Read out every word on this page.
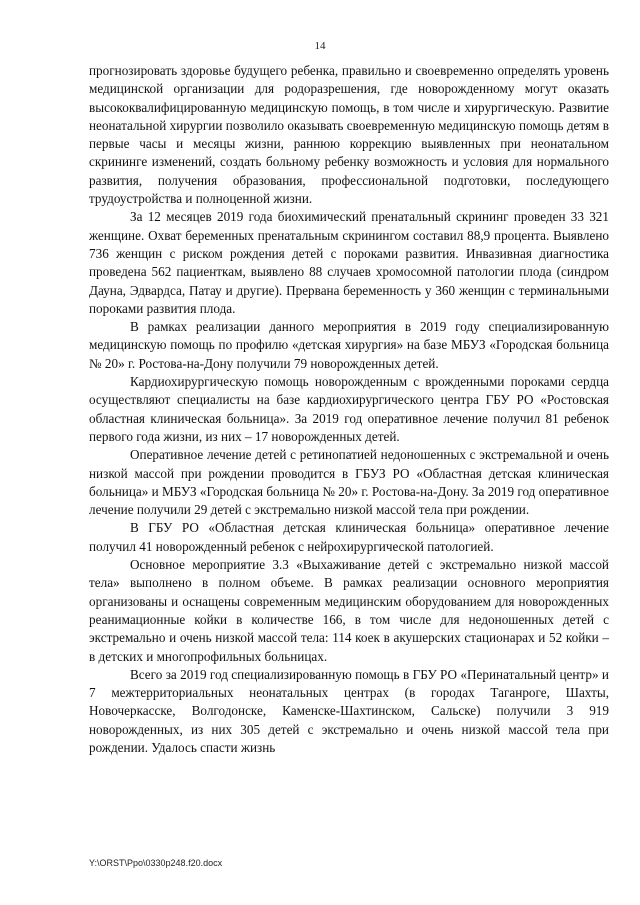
14

прогнозировать здоровье будущего ребенка, правильно и своевременно определять уровень медицинской организации для родоразрешения, где новорожденному могут оказать высококвалифицированную медицинскую помощь, в том числе и хирургическую. Развитие неонатальной хирургии позволило оказывать своевременную медицинскую помощь детям в первые часы и месяцы жизни, раннюю коррекцию выявленных при неонатальном скрининге изменений, создать больному ребенку возможность и условия для нормального развития, получения образования, профессиональной подготовки, последующего трудоустройства и полноценной жизни.

За 12 месяцев 2019 года биохимический пренатальный скрининг проведен 33 321 женщине. Охват беременных пренатальным скринингом составил 88,9 процента. Выявлено 736 женщин с риском рождения детей с пороками развития. Инвазивная диагностика проведена 562 пациенткам, выявлено 88 случаев хромосомной патологии плода (синдром Дауна, Эдвардса, Патау и другие). Прервана беременность у 360 женщин с терминальными пороками развития плода.

В рамках реализации данного мероприятия в 2019 году специализированную медицинскую помощь по профилю «детская хирургия» на базе МБУЗ «Городская больница № 20» г. Ростова-на-Дону получили 79 новорожденных детей.

Кардиохирургическую помощь новорожденным с врожденными пороками сердца осуществляют специалисты на базе кардиохирургического центра ГБУ РО «Ростовская областная клиническая больница». За 2019 год оперативное лечение получил 81 ребенок первого года жизни, из них – 17 новорожденных детей.

Оперативное лечение детей с ретинопатией недоношенных с экстремальной и очень низкой массой при рождении проводится в ГБУЗ РО «Областная детская клиническая больница» и МБУЗ «Городская больница № 20» г. Ростова-на-Дону. За 2019 год оперативное лечение получили 29 детей с экстремально низкой массой тела при рождении.

В ГБУ РО «Областная детская клиническая больница» оперативное лечение получил 41 новорожденный ребенок с нейрохирургической патологией.

Основное мероприятие 3.3 «Выхаживание детей с экстремально низкой массой тела» выполнено в полном объеме. В рамках реализации основного мероприятия организованы и оснащены современным медицинским оборудованием для новорожденных реанимационные койки в количестве 166, в том числе для недоношенных детей с экстремально и очень низкой массой тела: 114 коек в акушерских стационарах и 52 койки – в детских и многопрофильных больницах.

Всего за 2019 год специализированную помощь в ГБУ РО «Перинатальный центр» и 7 межтерриториальных неонатальных центрах (в городах Таганроге, Шахты, Новочеркасске, Волгодонске, Каменске-Шахтинском, Сальске) получили 3 919 новорожденных, из них 305 детей с экстремально и очень низкой массой тела при рождении. Удалось спасти жизнь

Y:\ORST\Ppo\0330p248.f20.docx
